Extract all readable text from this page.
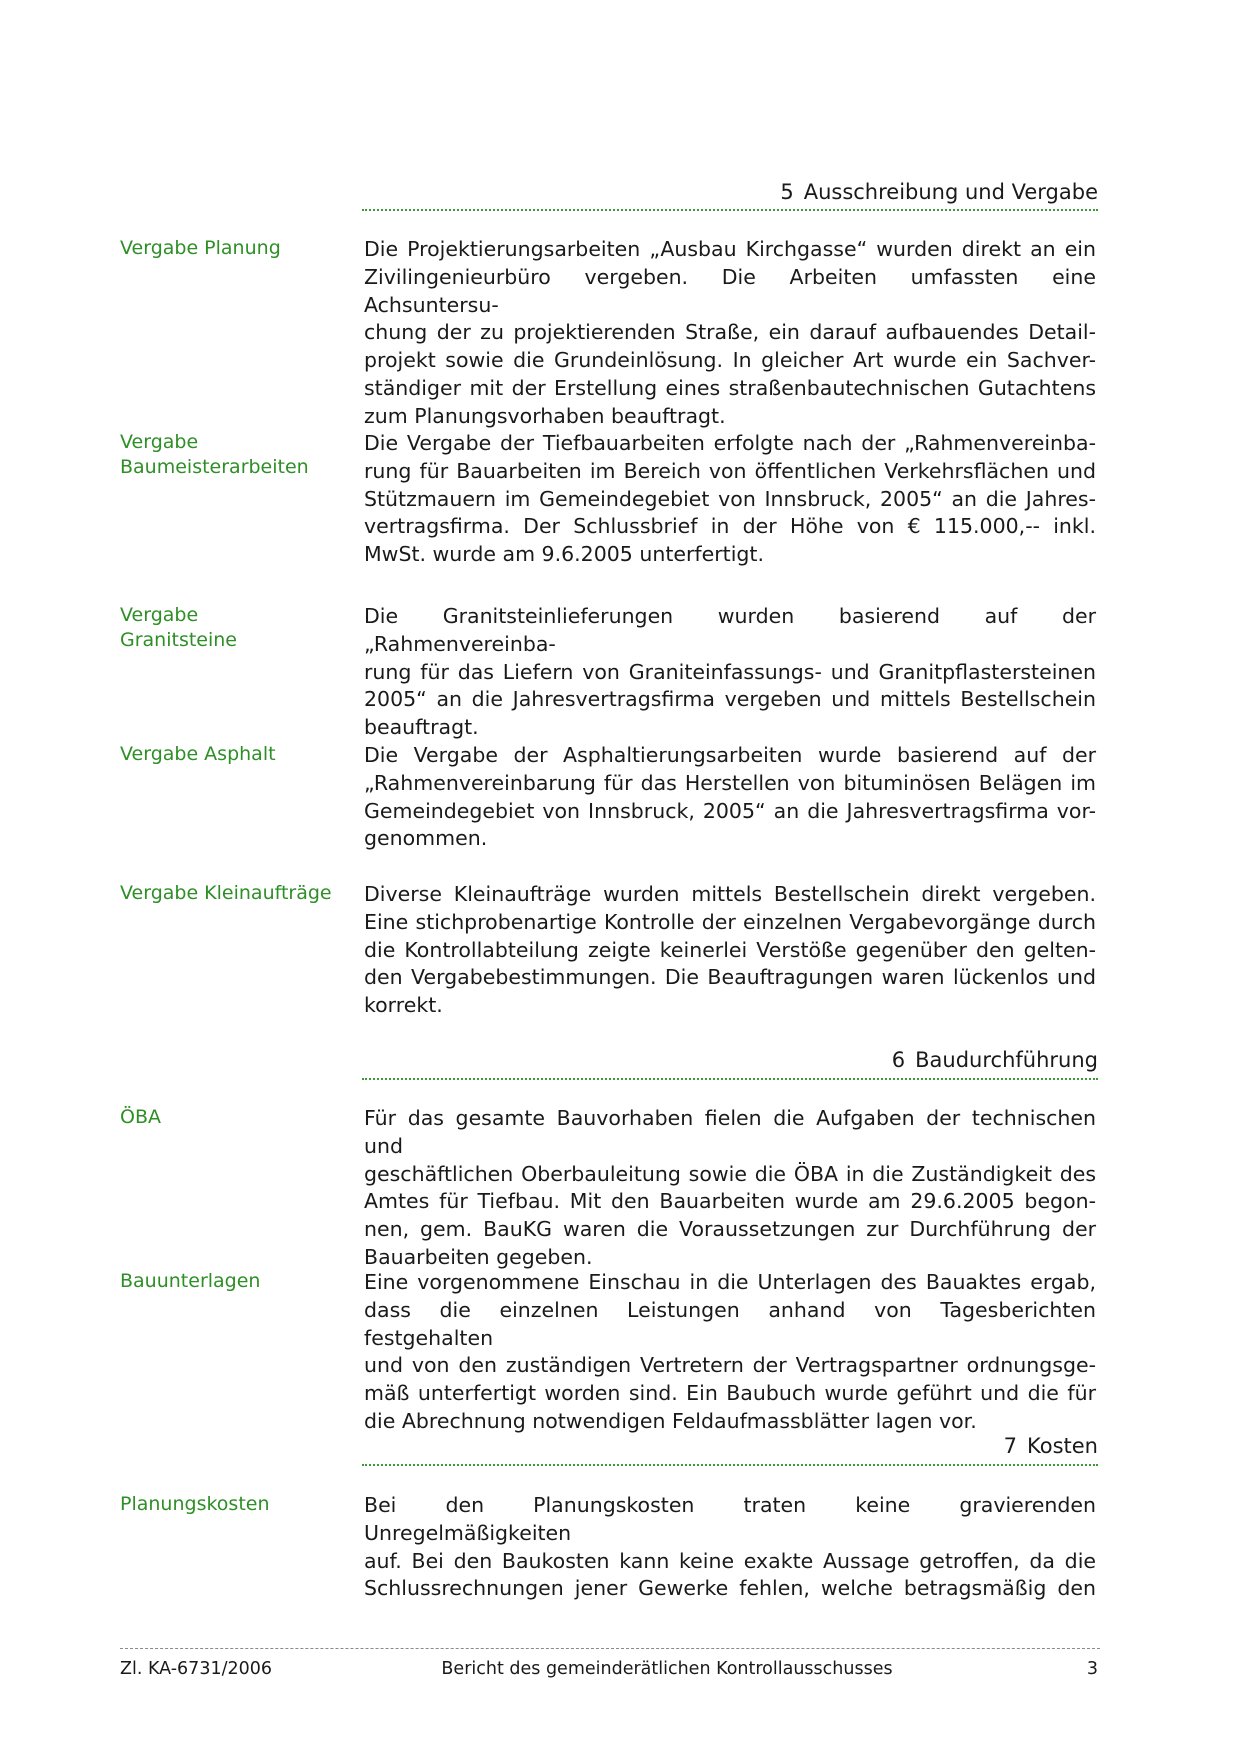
5 Ausschreibung und Vergabe
Vergabe Planung	Die Projektierungsarbeiten „Ausbau Kirchgasse“ wurden direkt an ein
Zivilingenieurbüro vergeben. Die Arbeiten umfassten eine Achsuntersu-
chung der zu projektierenden Straße, ein darauf aufbauendes Detail-
projekt sowie die Grundeinlösung. In gleicher Art wurde ein Sachver-
ständiger mit der Erstellung eines straßenbautechnischen Gutachtens
zum Planungsvorhaben beauftragt.
Vergabe
Baumeisterarbeiten
Die Vergabe der Tiefbauarbeiten erfolgte nach der „Rahmenvereinba-
rung für Bauarbeiten im Bereich von öffentlichen Verkehrsflächen und
Stützmauern im Gemeindegebiet von Innsbruck, 2005“ an die Jahres-
vertragsfirma. Der Schlussbrief in der Höhe von € 115.000,-- inkl.
MwSt. wurde am 9.6.2005 unterfertigt.
Vergabe
Granitsteine
Die Granitsteinlieferungen wurden basierend auf der „Rahmenvereinba-
rung für das Liefern von Graniteinfassungs- und Granitpflastersteinen
2005“ an die Jahresvertragsfirma vergeben und mittels Bestellschein
beauftragt.
Vergabe Asphalt	Die Vergabe der Asphaltierungsarbeiten wurde basierend auf der
„Rahmenvereinbarung für das Herstellen von bituminösen Belägen im
Gemeindegebiet von Innsbruck, 2005“ an die Jahresvertragsfirma vor-
genommen.
Vergabe Kleinaufträge	Diverse Kleinaufträge wurden mittels Bestellschein direkt vergeben.
Eine stichprobenartige Kontrolle der einzelnen Vergabevorgänge durch
die Kontrollabteilung zeigte keinerlei Verstöße gegenüber den gelten-
den Vergabebestimmungen. Die Beauftragungen waren lückenlos und
korrekt.
6 Baudurchführung
ÖBA	Für das gesamte Bauvorhaben fielen die Aufgaben der technischen und
geschäftlichen Oberbauleitung sowie die ÖBA in die Zuständigkeit des
Amtes für Tiefbau. Mit den Bauarbeiten wurde am 29.6.2005 begon-
nen, gem. BauKG waren die Voraussetzungen zur Durchführung der
Bauarbeiten gegeben.
Bauunterlagen	Eine vorgenommene Einschau in die Unterlagen des Bauaktes ergab,
dass die einzelnen Leistungen anhand von Tagesberichten festgehalten
und von den zuständigen Vertretern der Vertragspartner ordnungsge-
mäß unterfertigt worden sind. Ein Baubuch wurde geführt und die für
die Abrechnung notwendigen Feldaufmassblätter lagen vor.
7 Kosten
Planungskosten	Bei den Planungskosten traten keine gravierenden Unregelmäßigkeiten
auf. Bei den Baukosten kann keine exakte Aussage getroffen, da die
Schlussrechnungen jener Gewerke fehlen, welche betragsmäßig den
Zl. KA-6731/2006	Bericht des gemeinderätlichen Kontrollausschusses	3
